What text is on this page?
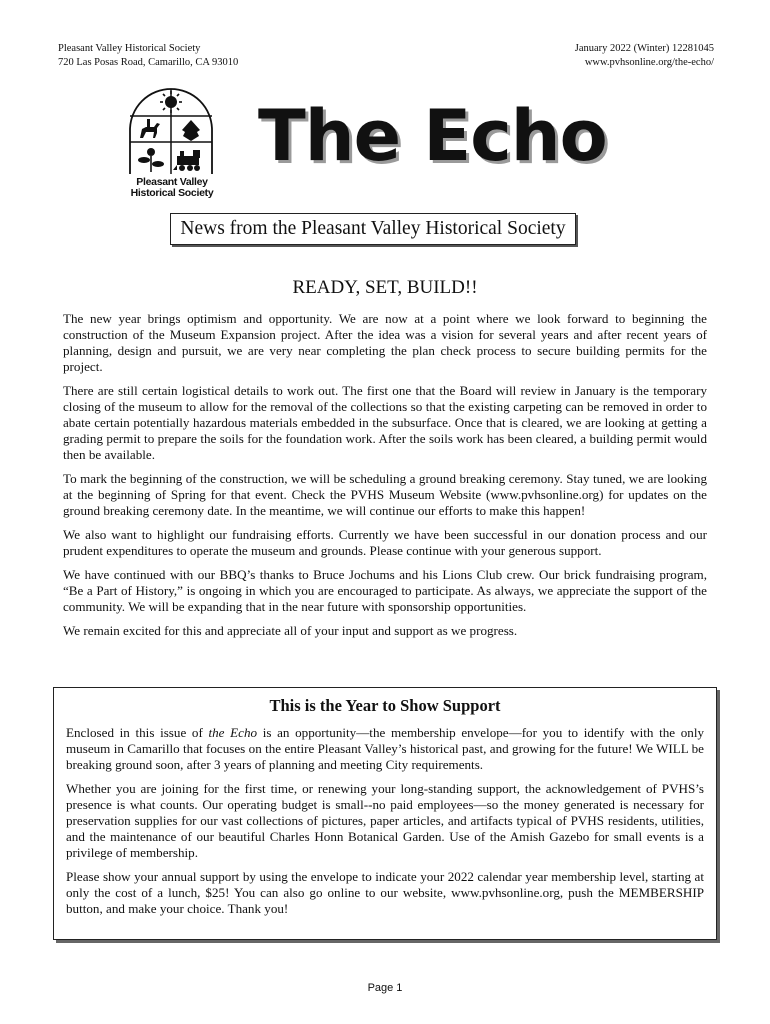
Pleasant Valley Historical Society
720 Las Posas Road, Camarillo, CA 93010
January 2022 (Winter) 12281045
www.pvhsonline.org/the-echo/
Pleasant Valley
Historical Society
The Echo
News from the Pleasant Valley Historical Society
READY, SET, BUILD!!

The new year brings optimism and opportunity. We are now at a point where we look forward to beginning the construction of the Museum Expansion project. After the idea was a vision for several years and after recent years of planning, design and pursuit, we are very near completing the plan check process to secure building permits for the project.

There are still certain logistical details to work out. The first one that the Board will review in January is the temporary closing of the museum to allow for the removal of the collections so that the existing carpeting can be removed in order to abate certain potentially hazardous materials embedded in the subsurface. Once that is cleared, we are looking at getting a grading permit to prepare the soils for the foundation work. After the soils work has been cleared, a building permit would then be available.

To mark the beginning of the construction, we will be scheduling a ground breaking ceremony. Stay tuned, we are looking at the beginning of Spring for that event. Check the PVHS Museum Website (www.pvhsonline.org) for updates on the ground breaking ceremony date. In the meantime, we will continue our efforts to make this happen!

We also want to highlight our fundraising efforts. Currently we have been successful in our donation process and our prudent expenditures to operate the museum and grounds. Please continue with your generous support.

We have continued with our BBQ’s thanks to Bruce Jochums and his Lions Club crew. Our brick fundraising program, “Be a Part of History,” is ongoing in which you are encouraged to participate. As always, we appreciate the support of the community. We will be expanding that in the near future with sponsorship opportunities.

We remain excited for this and appreciate all of your input and support as we progress.

This is the Year to Show Support

Enclosed in this issue of the Echo is an opportunity—the membership envelope—for you to identify with the only museum in Camarillo that focuses on the entire Pleasant Valley’s historical past, and growing for the future! We WILL be breaking ground soon, after 3 years of planning and meeting City requirements.

Whether you are joining for the first time, or renewing your long-standing support, the acknowledgement of PVHS’s presence is what counts. Our operating budget is small--no paid employees—so the money generated is necessary for preservation supplies for our vast collections of pictures, paper articles, and artifacts typical of PVHS residents, utilities, and the maintenance of our beautiful Charles Honn Botanical Garden. Use of the Amish Gazebo for small events is a privilege of membership.

Please show your annual support by using the envelope to indicate your 2022 calendar year membership level, starting at only the cost of a lunch, $25! You can also go online to our website, www.pvhsonline.org, push the MEMBERSHIP button, and make your choice. Thank you!

Page 1
